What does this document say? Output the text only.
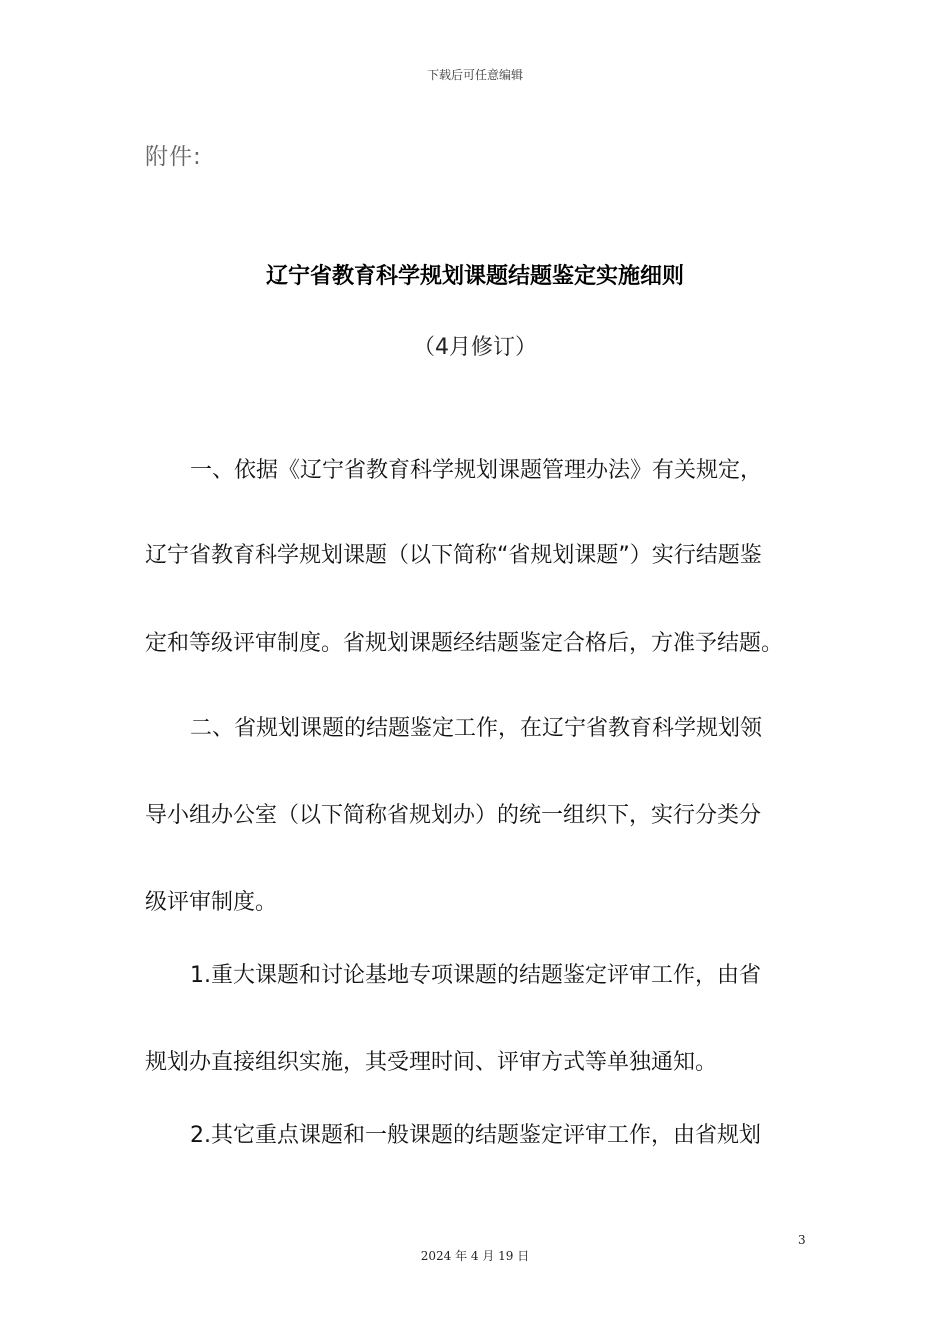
下载后可任意编辑
附件:
辽宁省教育科学规划课题结题鉴定实施细则
（4月修订）
一、依据《辽宁省教育科学规划课题管理办法》有关规定，
辽宁省教育科学规划课题（以下简称“省规划课题”）实行结题鉴
定和等级评审制度。省规划课题经结题鉴定合格后，方准予结题。
二、省规划课题的结题鉴定工作，在辽宁省教育科学规划领
导小组办公室（以下简称省规划办）的统一组织下，实行分类分
级评审制度。
1.重大课题和讨论基地专项课题的结题鉴定评审工作，由省
规划办直接组织实施，其受理时间、评审方式等单独通知。
2.其它重点课题和一般课题的结题鉴定评审工作，由省规划
3
2024 年 4 月 19 日
